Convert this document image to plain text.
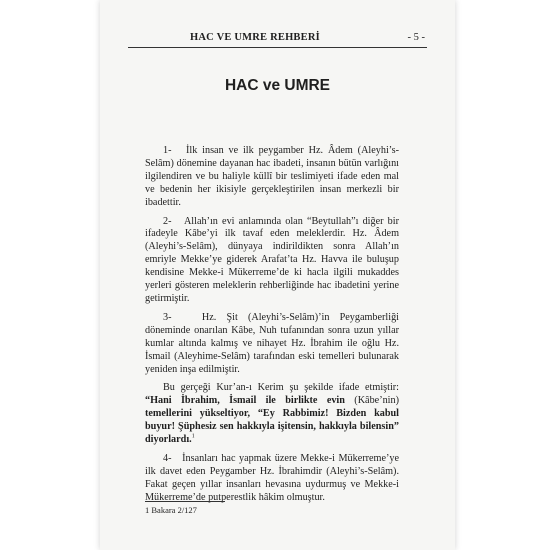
HAC VE UMRE REHBERİ	- 5 -
HAC ve UMRE

1-   İlk insan ve ilk peygamber Hz. Âdem (Aleyhi’s-Selâm) dönemine dayanan hac ibadeti, insanın bütün varlığını ilgilendiren ve bu haliyle küllî bir teslimiyeti ifade eden mal ve bedenin her ikisiyle gerçekleştirilen insan merkezli bir ibadettir.

2-   Allah’ın evi anlamında olan “Beytullah”ı diğer bir ifadeyle Kâbe’yi ilk tavaf eden meleklerdir. Hz. Âdem (Aleyhi’s-Selâm), dünyaya indirildikten sonra Allah’ın emriyle Mekke’ye giderek Arafat’ta Hz. Havva ile buluşup kendisine Mekke-i Mükerreme’de ki hacla ilgili mukaddes yerleri gösteren meleklerin rehberliğinde hac ibadetini yerine getirmiştir.

3-   Hz. Şit (Aleyhi’s-Selâm)’in Peygamberliği döneminde onarılan Kâbe, Nuh tufanından sonra uzun yıllar kumlar altında kalmış ve nihayet Hz. İbrahim ile oğlu Hz. İsmail (Aleyhime-Selâm) tarafından eski temelleri bulunarak yeniden inşa edilmiştir.

Bu gerçeği Kur’an-ı Kerim şu şekilde ifade etmiştir: “Hani İbrahim, İsmail ile birlikte evin (Kâbe’nin) temellerini yükseltiyor, “Ey Rabbimiz! Bizden kabul buyur! Şüphesiz sen hakkıyla işitensin, hakkıyla bilensin” diyorlardı.$^1$

4-   İnsanları hac yapmak üzere Mekke-i Mükerreme’ye ilk davet eden Peygamber Hz. İbrahimdir (Aleyhi’s-Selâm). Fakat geçen yıllar insanları hevasına uydurmuş ve Mekke-i Mükerreme’de putperestlik hâkim olmuştur.

1 Bakara 2/127
